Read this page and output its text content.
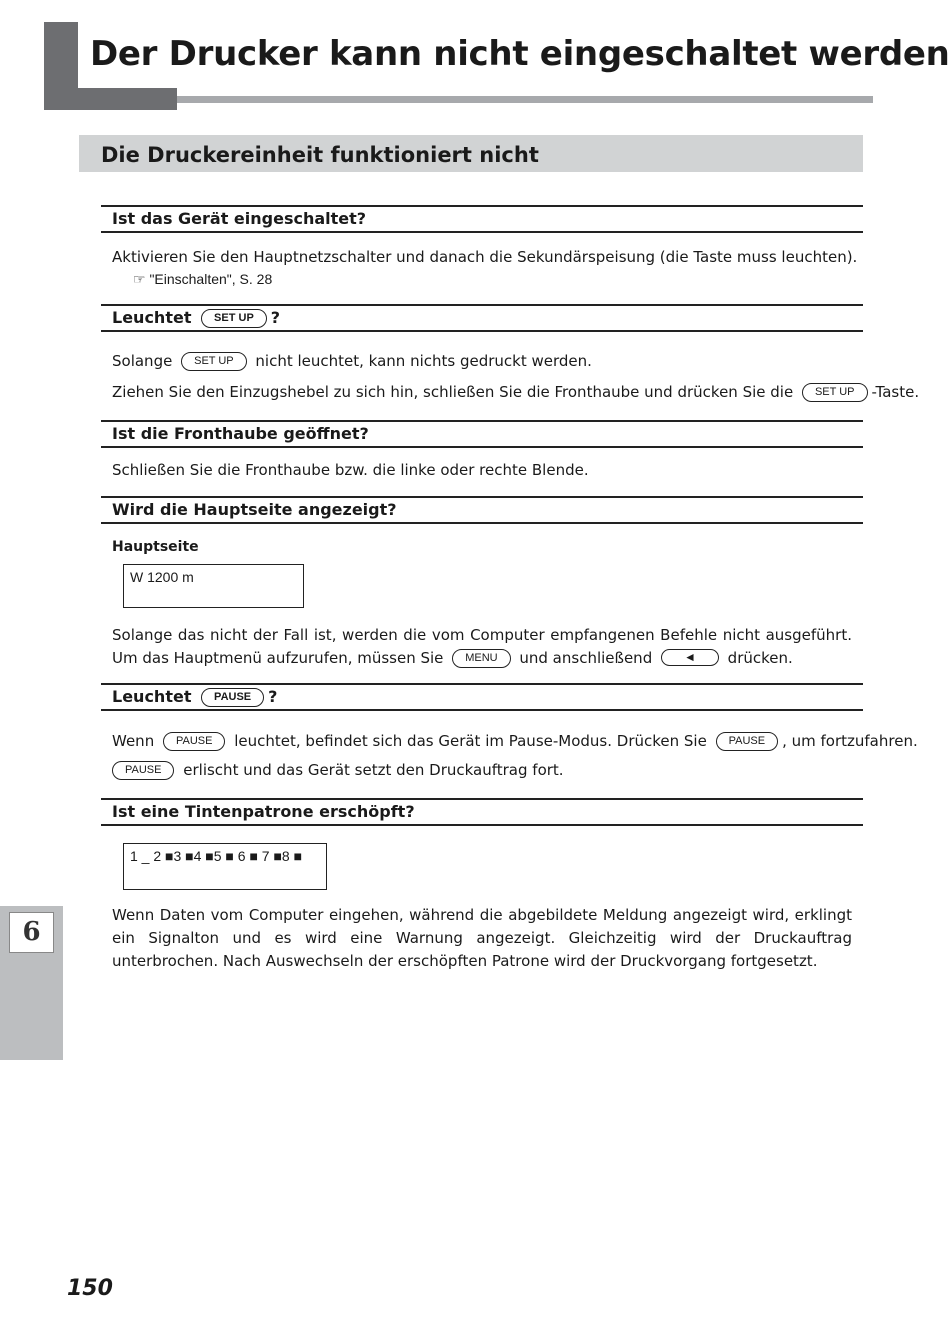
Der Drucker kann nicht eingeschaltet werden
Die Druckereinheit funktioniert nicht
Ist das Gerät eingeschaltet?
Aktivieren Sie den Hauptnetzschalter und danach die Sekundärspeisung (die Taste muss leuchten).
☞ "Einschalten", S. 28
Leuchtet SET UP ?
Solange SET UP nicht leuchtet, kann nichts gedruckt werden.
Ziehen Sie den Einzugshebel zu sich hin, schließen Sie die Fronthaube und drücken Sie die SET UP -Taste.
Ist die Fronthaube geöffnet?
Schließen Sie die Fronthaube bzw. die linke oder rechte Blende.
Wird die Hauptseite angezeigt?
Hauptseite
W 1200 m
Solange das nicht der Fall ist, werden die vom Computer empfangenen Befehle nicht ausgeführt. Um das Hauptmenü aufzurufen, müssen Sie MENU und anschließend	◄ drücken.
Leuchtet PAUSE ?
Wenn PAUSE leuchtet, befindet sich das Gerät im Pause-Modus. Drücken Sie PAUSE , um fortzufahren.
PAUSE erlischt und das Gerät setzt den Druckauftrag fort.
Ist eine Tintenpatrone erschöpft?
1 _ 2 ■3 ■4 ■5 ■ 6 ■ 7 ■8 ■
Wenn Daten vom Computer eingehen, während die abgebildete Meldung angezeigt wird, erklingt ein Signalton und es wird eine Warnung angezeigt. Gleichzeitig wird der Druckauftrag unterbrochen. Nach Auswechseln der erschöpften Patrone wird der Druckvorgang fortgesetzt.
6
150
